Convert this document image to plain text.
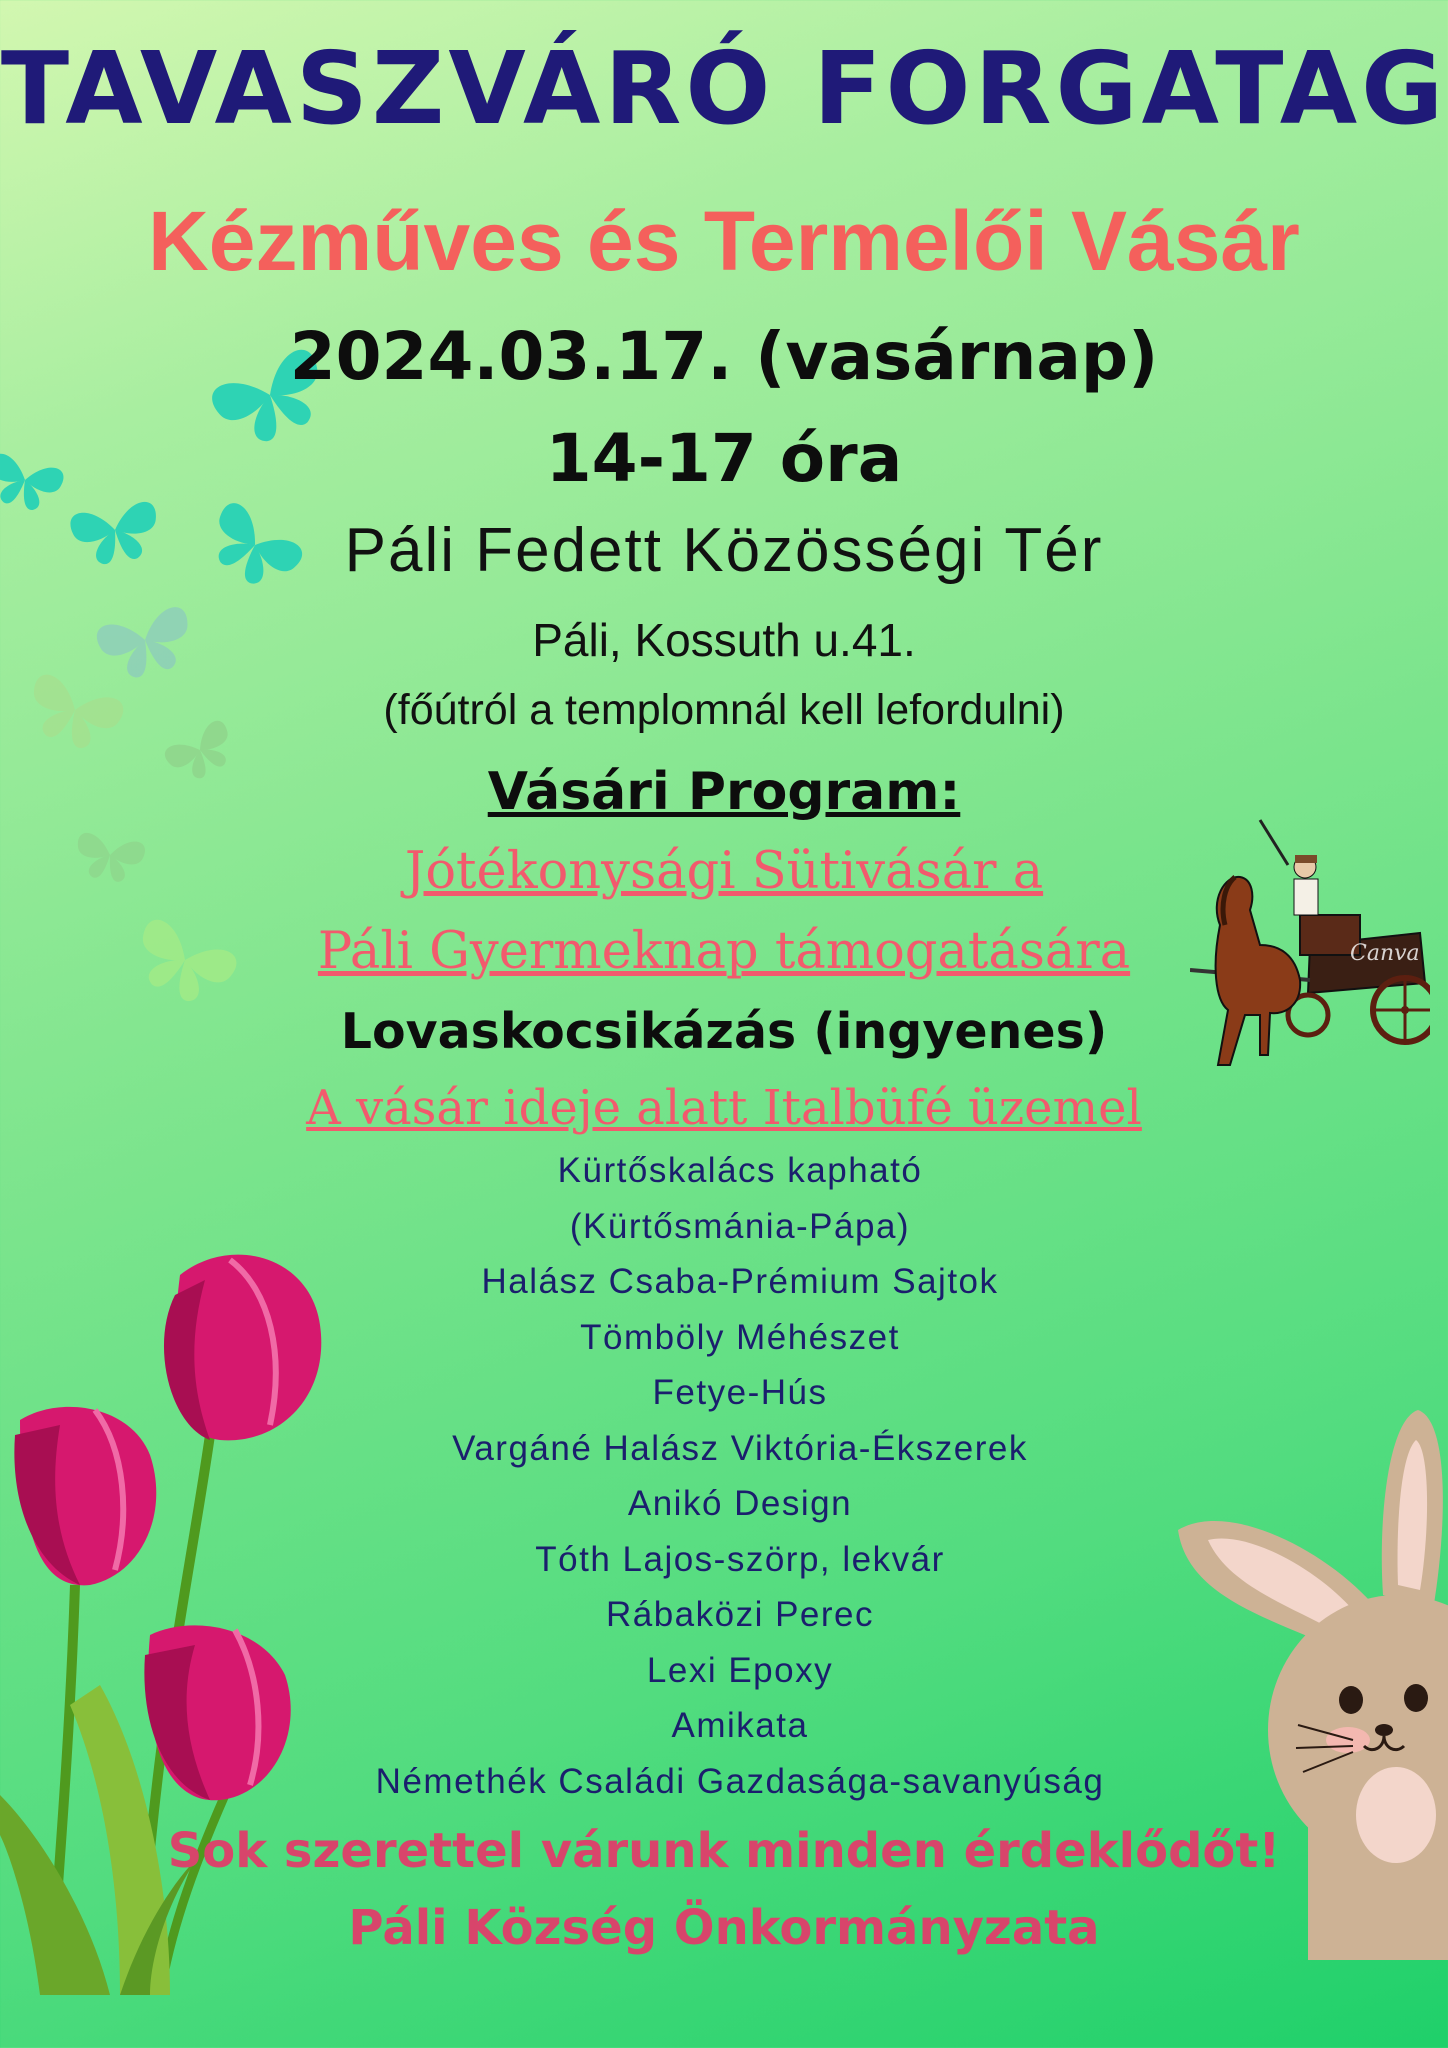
Canva
TAVASZVÁRÓ FORGATAG
Kézműves és Termelői Vásár
2024.03.17. (vasárnap)
14-17 óra
Páli Fedett Közösségi Tér
Páli, Kossuth u.41.
(főútról a templomnál kell lefordulni)
Vásári Program:
Jótékonysági Sütivásár a
Páli Gyermeknap támogatására
Lovaskocsikázás (ingyenes)
A vásár ideje alatt Italbüfé üzemel
Kürtőskalács kapható
(Kürtősmánia-Pápa)
Halász Csaba-Prémium Sajtok
Tömböly Méhészet
Fetye-Hús
Vargáné Halász Viktória-Ékszerek
Anikó Design
Tóth Lajos-szörp, lekvár
Rábaközi Perec
Lexi Epoxy
Amikata
Némethék Családi Gazdasága-savanyúság
Sok szerettel várunk minden érdeklődőt!
Páli Község Önkormányzata
